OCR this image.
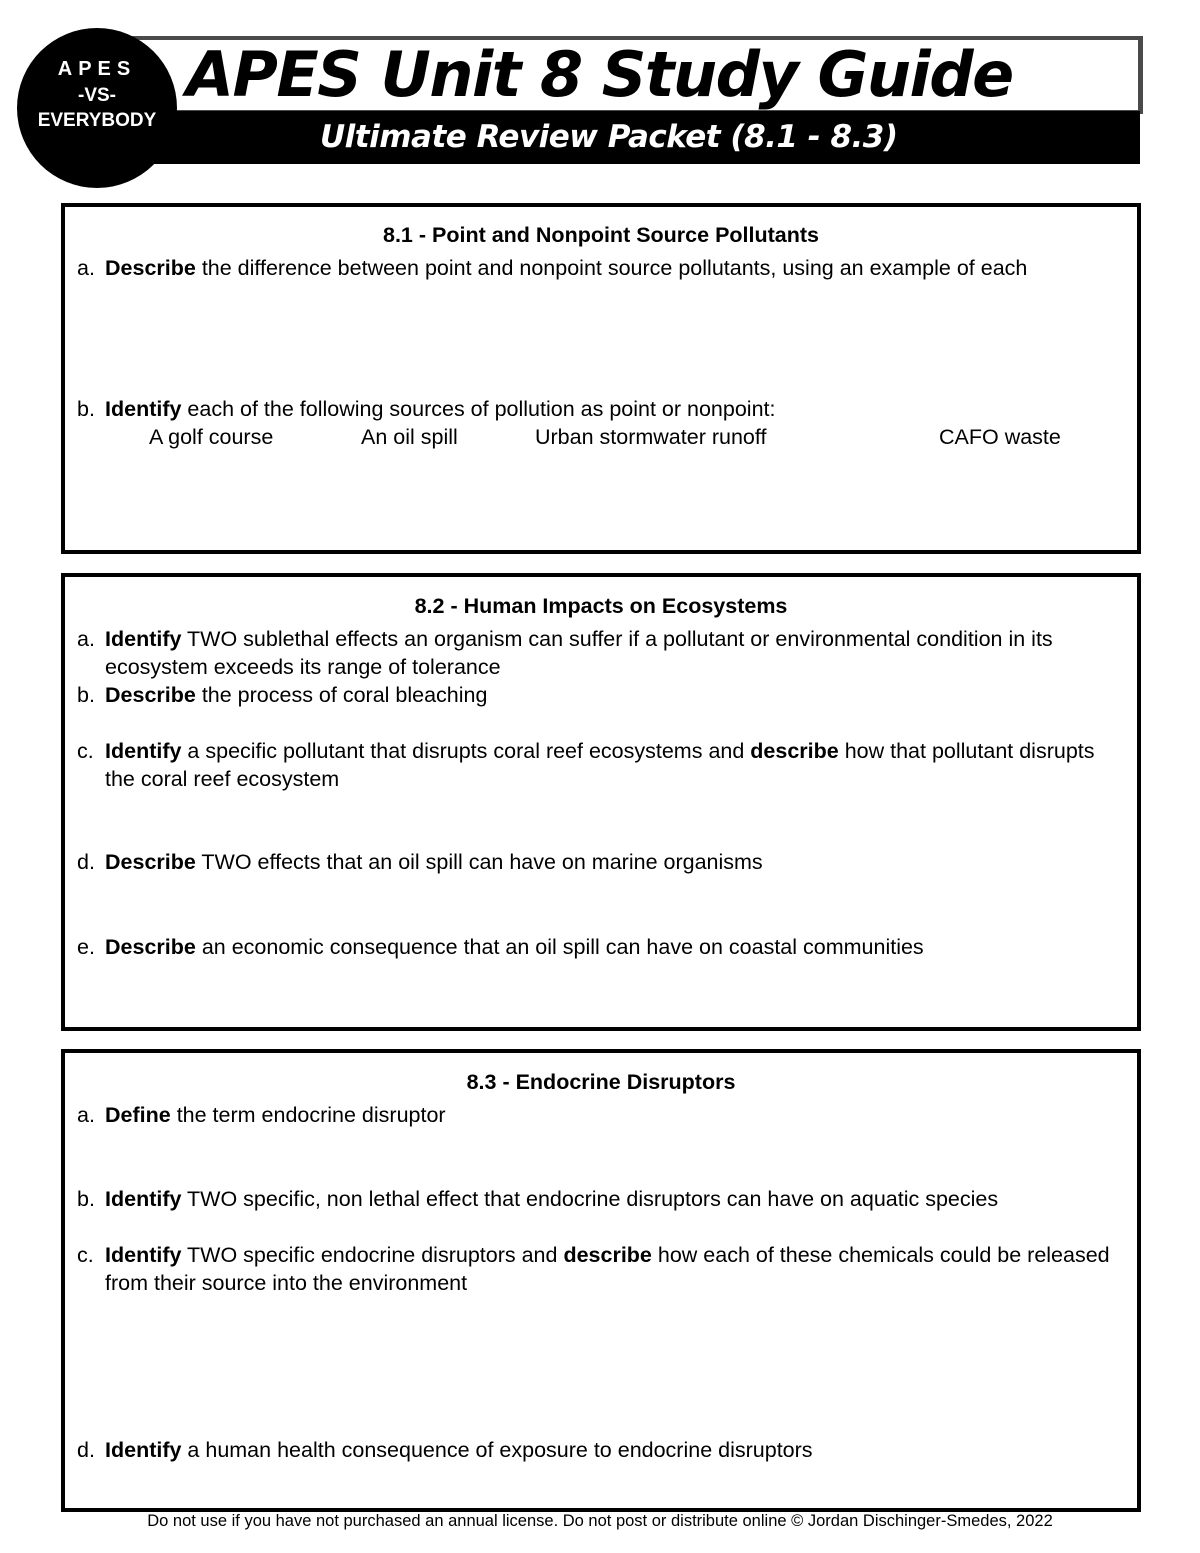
APES Unit 8 Study Guide
Ultimate Review Packet (8.1 - 8.3)
APES
-VS-
EVERYBODY
8.1 - Point and Nonpoint Source Pollutants
a. Describe the difference between point and nonpoint source pollutants, using an example of each
b. Identify each of the following sources of pollution as point or nonpoint:
A golf course	An oil spill	Urban stormwater runoff	CAFO waste
8.2 - Human Impacts on Ecosystems
a. Identify TWO sublethal effects an organism can suffer if a pollutant or environmental condition in its ecosystem exceeds its range of tolerance
b. Describe the process of coral bleaching
c. Identify a specific pollutant that disrupts coral reef ecosystems and describe how that pollutant disrupts the coral reef ecosystem
d. Describe TWO effects that an oil spill can have on marine organisms
e. Describe an economic consequence that an oil spill can have on coastal communities
8.3 - Endocrine Disruptors
a. Define the term endocrine disruptor
b. Identify TWO specific, non lethal effect that endocrine disruptors can have on aquatic species
c. Identify TWO specific endocrine disruptors and describe how each of these chemicals could be released from their source into the environment
d. Identify a human health consequence of exposure to endocrine disruptors
Do not use if you have not purchased an annual license. Do not post or distribute online © Jordan Dischinger-Smedes, 2022
